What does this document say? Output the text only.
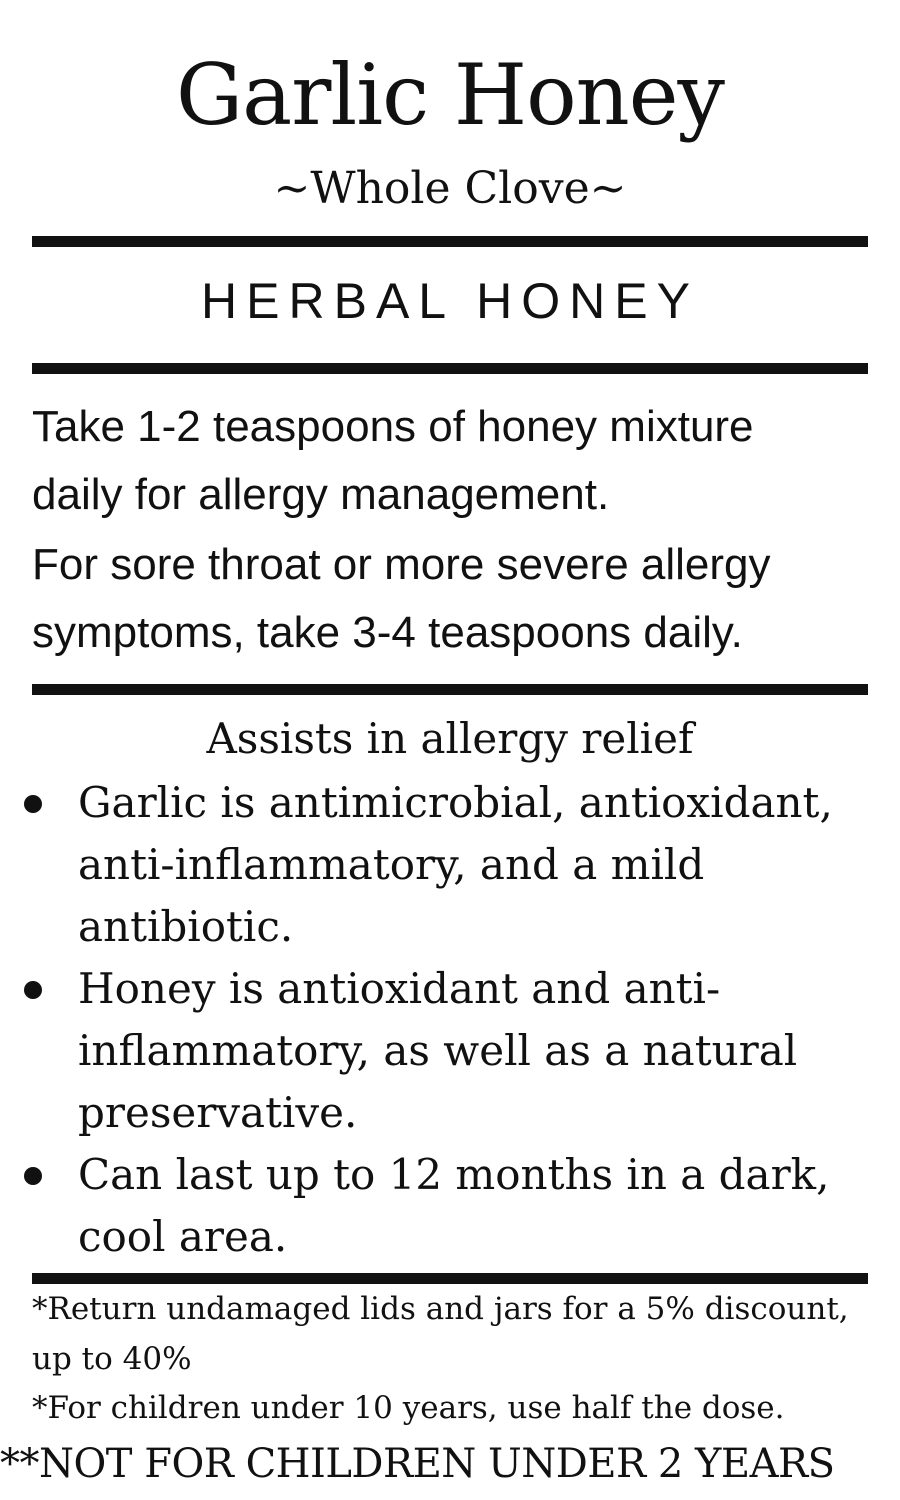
Garlic Honey
~Whole Clove~
HERBAL HONEY
Take 1-2 teaspoons of honey mixture
daily for allergy management.
For sore throat or more severe allergy
symptoms, take 3-4 teaspoons daily.
Assists in allergy relief
Garlic is antimicrobial, antioxidant, anti-inflammatory, and a mild antibiotic.
Honey is antioxidant and anti-inflammatory, as well as a natural preservative.
Can last up to 12 months in a dark, cool area.
*Return undamaged lids and jars for a 5% discount, up to 40%
*For children under 10 years, use half the dose.
**NOT FOR CHILDREN UNDER 2 YEARS
